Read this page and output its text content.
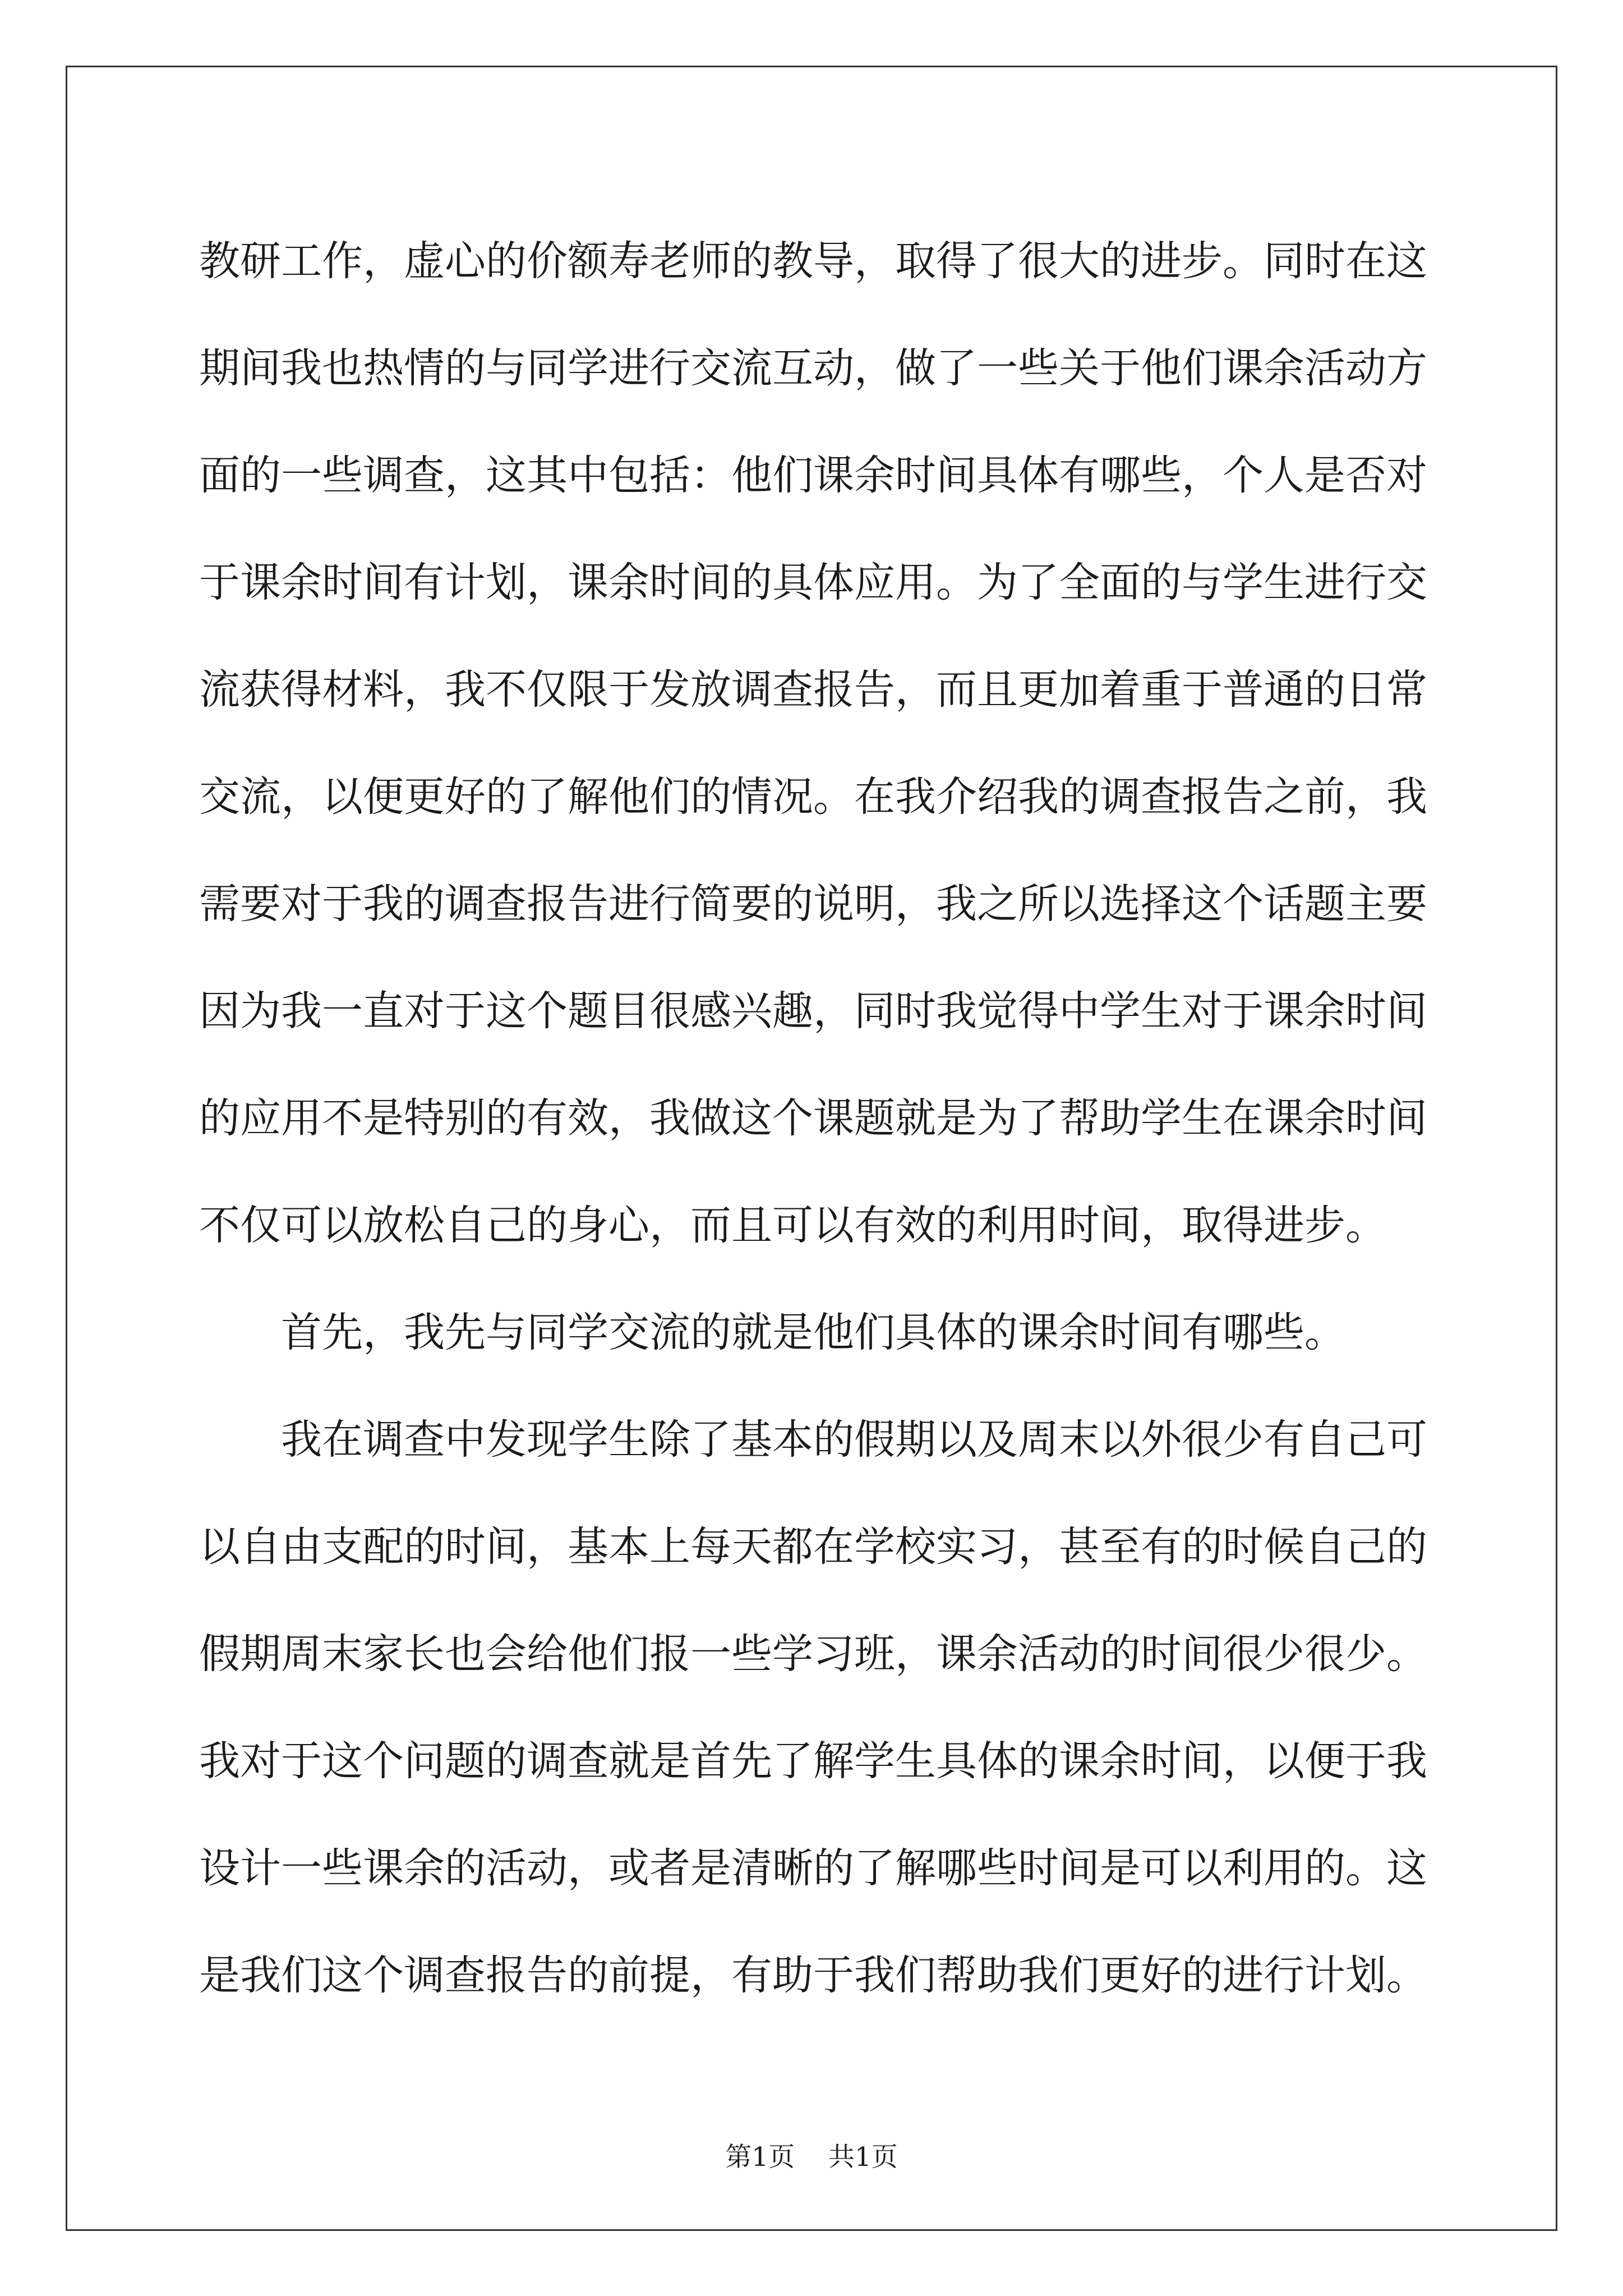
教研工作，虚心的价额寿老师的教导，取得了很大的进步。同时在这
期间我也热情的与同学进行交流互动，做了一些关于他们课余活动方
面的一些调查，这其中包括：他们课余时间具体有哪些，个人是否对
于课余时间有计划，课余时间的具体应用。为了全面的与学生进行交
流获得材料，我不仅限于发放调查报告，而且更加着重于普通的日常
交流，以便更好的了解他们的情况。在我介绍我的调查报告之前，我
需要对于我的调查报告进行简要的说明，我之所以选择这个话题主要
因为我一直对于这个题目很感兴趣，同时我觉得中学生对于课余时间
的应用不是特别的有效，我做这个课题就是为了帮助学生在课余时间
不仅可以放松自己的身心，而且可以有效的利用时间，取得进步。
首先，我先与同学交流的就是他们具体的课余时间有哪些。
我在调查中发现学生除了基本的假期以及周末以外很少有自己可
以自由支配的时间，基本上每天都在学校实习，甚至有的时候自己的
假期周末家长也会给他们报一些学习班，课余活动的时间很少很少。
我对于这个问题的调查就是首先了解学生具体的课余时间，以便于我
设计一些课余的活动，或者是清晰的了解哪些时间是可以利用的。这
是我们这个调查报告的前提，有助于我们帮助我们更好的进行计划。
第1页 共1页
